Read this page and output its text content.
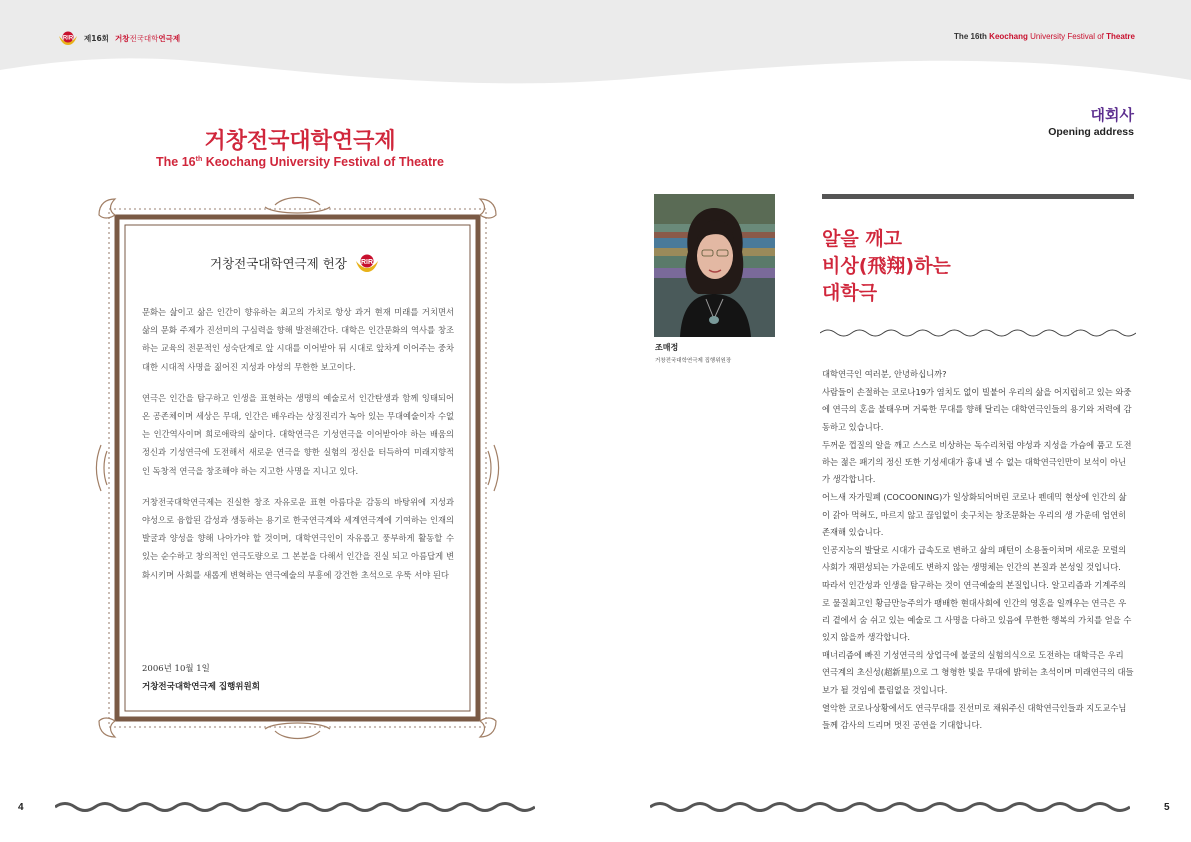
RIR 제16회 거창 전국대학 연극제	The 16th Keochang University Festival of Theatre
거창전국대학연극제
The 16th Keochang University Festival of Theatre
거창전국대학연극제 헌장 RIR

문화는 삶이고 삶은 인간이 향유하는 최고의 가치로 항상 과거 현재 미래를 거치면서 삶의 문화 주제가 진선미의 구심력을 향해 발전해간다. 대학은 인간문화의 역사를 창조하는 교육의 전문적인 성숙단계로 앞 시대를 이어받아 뒤 시대로 앞차게 이어주는 중차대한 시대적 사명을 짊어진 지성과 야성의 무한한 보고이다.

연극은 인간을 탐구하고 인생을 표현하는 생명의 예술로서 인간탄생과 함께 잉태되어 온 공존체이며 세상은 무대, 인간은 배우라는 상징진리가 녹아 있는 무대예술이자 수없는 인간역사이며 희로애락의 삶이다. 대학연극은 기성연극을 이어받아야 하는 배움의 정신과 기성연극에 도전해서 새로운 연극을 향한 실험의 정신을 터득하여 미래지향적인 독창적 연극을 창조해야 하는 지고한 사명을 지니고 있다.

거창전국대학연극제는 진실한 창조 자유로운 표현 아름다운 감동의 바탕위에 지성과 야성으로 융합된 감성과 생동하는 용기로 한국연극계와 세계연극계에 기여하는 인재의 발굴과 양성을 향해 나아가야 할 것이며, 대학연극인이 자유롭고 풍부하게 활동할 수 있는 순수하고 창의적인 연극도량으로 그 본분을 다해서 인간을 진실 되고 아름답게 변화시키며 사회를 새롭게 변혁하는 연극예술의 부흥에 강건한 초석으로 우뚝 서야 된다

2006년 10월 1일
거창전국대학연극제 집행위원회
대회사
Opening address
조매정
거창전국대학연극제 집행위원장
알을 깨고
비상(飛翔)하는
대학극

대학연극인 여러분, 안녕하십니까?

사람들이 손절하는 코로나19가 염치도 없이 빌붙어 우리의 삶을 어지럽히고 있는 와중에 연극의 혼을 불태우며 거룩한 무대를 향해 달리는 대학연극인들의 용기와 저력에 감동하고 있습니다.

두꺼운 껍질의 알을 깨고 스스로 비상하는 독수리처럼 야성과 지성을 가슴에 품고 도전하는 젊은 패기의 정신 또한 기성세대가 흉내 낼 수 없는 대학연극인만이 보석이 아닌가 생각합니다.

어느새 자가밀폐 (COCOONING)가 일상화되어버린 코로나 펜데믹 현상에 인간의 삶이 갉아 먹혀도, 마르지 않고 끊임없이 솟구치는 창조문화는 우리의 생 가운데 엄연히 존재해 있습니다.

인공지능의 발달로 시대가 급속도로 변하고 삶의 패턴이 소용돌이쳐며 새로운 모럴의 사회가 재편성되는 가운데도 변하지 않는 생명체는 인간의 본질과 본성일 것입니다.

따라서 인간성과 인생을 탐구하는 것이 연극예술의 본질입니다. 알고리즘과 기계주의로 물질최고인 황금만능주의가 팽배한 현대사회에 인간의 영혼을 일깨우는 연극은 우리 곁에서 숨 쉬고 있는 예술로 그 사명을 다하고 있음에 무한한 행복의 가치를 얻을 수 있지 않을까 생각합니다.

매너리즘에 빠진 기성연극의 상업극에 불굴의 실험의식으로 도전하는 대학극은 우리 연극계의 초신성(超新星)으로 그 형형한 빛을 무대에 밝히는 초석이며 미래연극의 대들보가 될 것임에 틀림없을 것입니다.

열악한 코로나상황에서도 연극무대를 진선미로 채워주신 대학연극인들과 지도교수님들께 감사의 드리며 멋진 공연을 기대합니다.

4	5
